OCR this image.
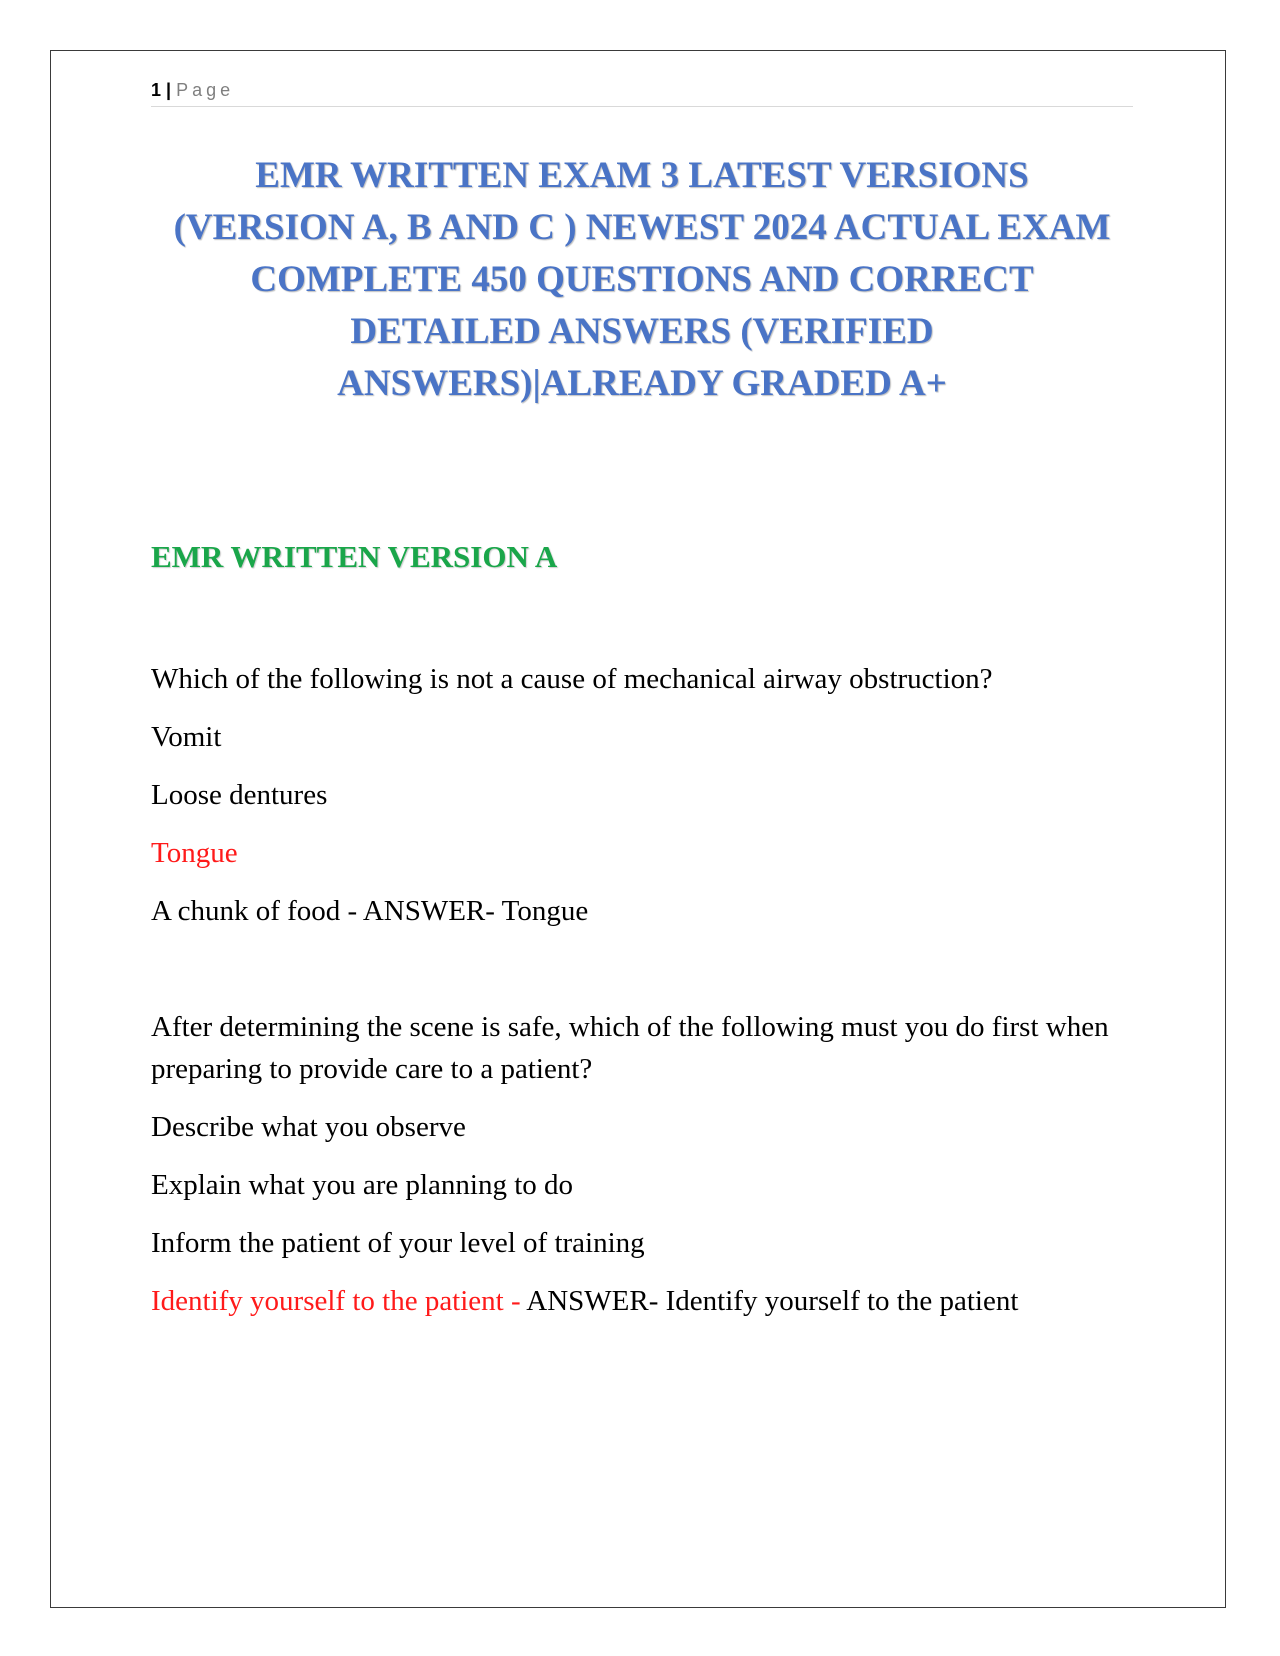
1 | Page
EMR WRITTEN EXAM 3 LATEST VERSIONS
(VERSION A, B AND C ) NEWEST 2024 ACTUAL EXAM
COMPLETE 450 QUESTIONS AND CORRECT
DETAILED ANSWERS (VERIFIED
ANSWERS)|ALREADY GRADED A+
EMR WRITTEN VERSION A

Which of the following is not a cause of mechanical airway obstruction?

Vomit

Loose dentures

Tongue

A chunk of food - ANSWER- Tongue

After determining the scene is safe, which of the following must you do first when preparing to provide care to a patient?

Describe what you observe

Explain what you are planning to do

Inform the patient of your level of training

Identify yourself to the patient - ANSWER- Identify yourself to the patient
